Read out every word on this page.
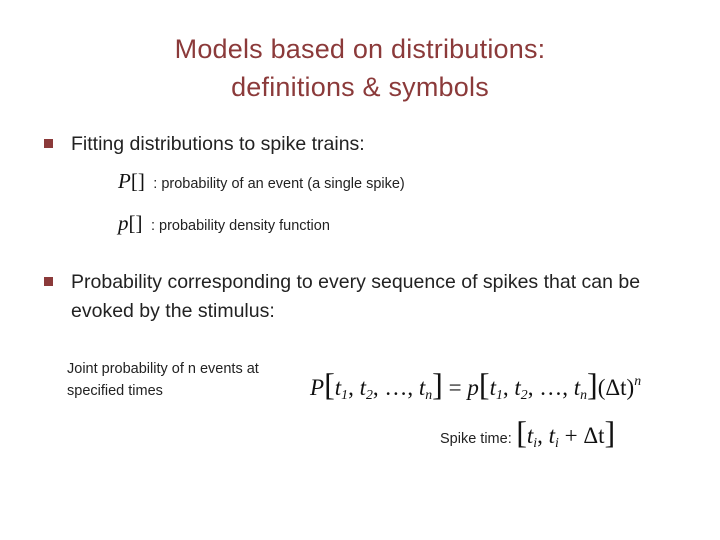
Models based on distributions:
definitions & symbols
Fitting distributions to spike trains:
P[] : probability of an event (a single spike)
p[] : probability density function
Probability corresponding to every sequence of spikes that can be evoked by the stimulus:
Joint probability of n events at specified times	$P[t_1$, $t_2$, …, $t_n] = p[t_1$, $t_2$, …, $t_n](\Delta t)^n$
Spike time: [$t_i$, $t_i + \Delta t$]
